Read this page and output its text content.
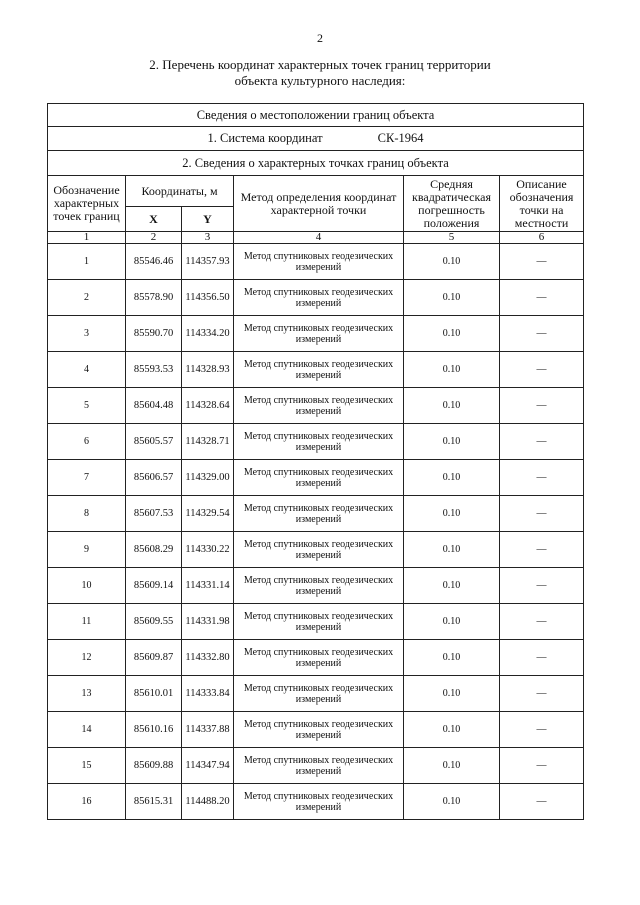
2
2. Перечень координат характерных точек границ территории
объекта культурного наследия:
Сведения о местоположении границ объекта					
1. Система координат СК-1964					
2. Сведения о характерных точках границ объекта					
Обозначение характерных точек границ	Координаты, м		Метод определения координат характерной точки	Средняя квадратическая погрешность положения	Описание обозначения точки на местности
	X	Y			
1	2	3	4	5	6
1	85546.46	114357.93	Метод спутниковых геодезических измерений	0.10	—
2	85578.90	114356.50	Метод спутниковых геодезических измерений	0.10	—
3	85590.70	114334.20	Метод спутниковых геодезических измерений	0.10	—
4	85593.53	114328.93	Метод спутниковых геодезических измерений	0.10	—
5	85604.48	114328.64	Метод спутниковых геодезических измерений	0.10	—
6	85605.57	114328.71	Метод спутниковых геодезических измерений	0.10	—
7	85606.57	114329.00	Метод спутниковых геодезических измерений	0.10	—
8	85607.53	114329.54	Метод спутниковых геодезических измерений	0.10	—
9	85608.29	114330.22	Метод спутниковых геодезических измерений	0.10	—
10	85609.14	114331.14	Метод спутниковых геодезических измерений	0.10	—
11	85609.55	114331.98	Метод спутниковых геодезических измерений	0.10	—
12	85609.87	114332.80	Метод спутниковых геодезических измерений	0.10	—
13	85610.01	114333.84	Метод спутниковых геодезических измерений	0.10	—
14	85610.16	114337.88	Метод спутниковых геодезических измерений	0.10	—
15	85609.88	114347.94	Метод спутниковых геодезических измерений	0.10	—
16	85615.31	114488.20	Метод спутниковых геодезических измерений	0.10	—
